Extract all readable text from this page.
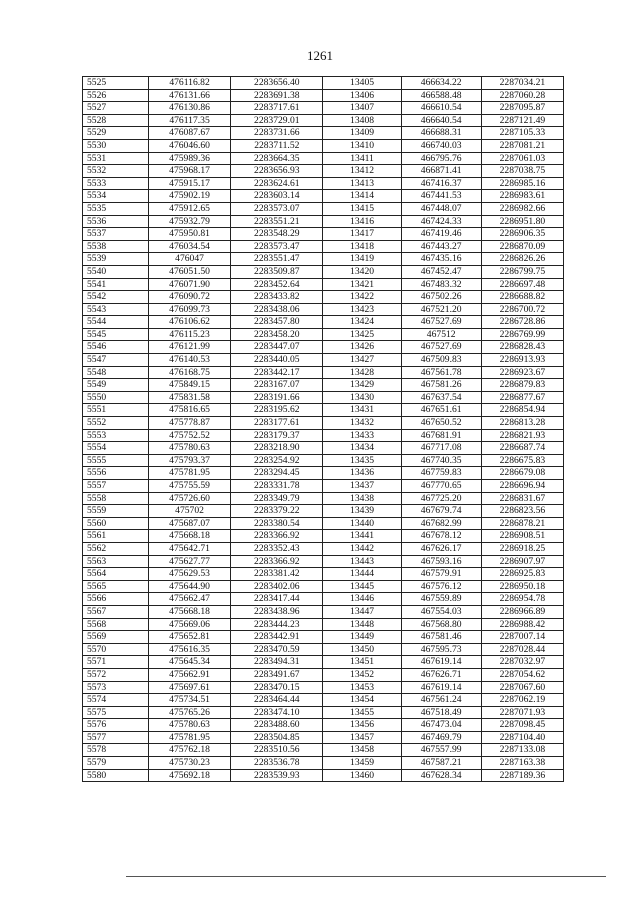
1261
5525	476116.82	2283656.40	13405	466634.22	2287034.21
5526	476131.66	2283691.38	13406	466588.48	2287060.28
5527	476130.86	2283717.61	13407	466610.54	2287095.87
5528	476117.35	2283729.01	13408	466640.54	2287121.49
5529	476087.67	2283731.66	13409	466688.31	2287105.33
5530	476046.60	2283711.52	13410	466740.03	2287081.21
5531	475989.36	2283664.35	13411	466795.76	2287061.03
5532	475968.17	2283656.93	13412	466871.41	2287038.75
5533	475915.17	2283624.61	13413	467416.37	2286985.16
5534	475902.19	2283603.14	13414	467441.53	2286983.61
5535	475912.65	2283573.07	13415	467448.07	2286982.66
5536	475932.79	2283551.21	13416	467424.33	2286951.80
5537	475950.81	2283548.29	13417	467419.46	2286906.35
5538	476034.54	2283573.47	13418	467443.27	2286870.09
5539	476047	2283551.47	13419	467435.16	2286826.26
5540	476051.50	2283509.87	13420	467452.47	2286799.75
5541	476071.90	2283452.64	13421	467483.32	2286697.48
5542	476090.72	2283433.82	13422	467502.26	2286688.82
5543	476099.73	2283438.06	13423	467521.20	2286700.72
5544	476106.62	2283457.80	13424	467527.69	2286728.86
5545	476115.23	2283458.20	13425	467512	2286769.99
5546	476121.99	2283447.07	13426	467527.69	2286828.43
5547	476140.53	2283440.05	13427	467509.83	2286913.93
5548	476168.75	2283442.17	13428	467561.78	2286923.67
5549	475849.15	2283167.07	13429	467581.26	2286879.83
5550	475831.58	2283191.66	13430	467637.54	2286877.67
5551	475816.65	2283195.62	13431	467651.61	2286854.94
5552	475778.87	2283177.61	13432	467650.52	2286813.28
5553	475752.52	2283179.37	13433	467681.91	2286821.93
5554	475780.63	2283218.90	13434	467717.08	2286687.74
5555	475793.37	2283254.92	13435	467740.35	2286675.83
5556	475781.95	2283294.45	13436	467759.83	2286679.08
5557	475755.59	2283331.78	13437	467770.65	2286696.94
5558	475726.60	2283349.79	13438	467725.20	2286831.67
5559	475702	2283379.22	13439	467679.74	2286823.56
5560	475687.07	2283380.54	13440	467682.99	2286878.21
5561	475668.18	2283366.92	13441	467678.12	2286908.51
5562	475642.71	2283352.43	13442	467626.17	2286918.25
5563	475627.77	2283366.92	13443	467593.16	2286907.97
5564	475629.53	2283381.42	13444	467579.91	2286925.83
5565	475644.90	2283402.06	13445	467576.12	2286950.18
5566	475662.47	2283417.44	13446	467559.89	2286954.78
5567	475668.18	2283438.96	13447	467554.03	2286966.89
5568	475669.06	2283444.23	13448	467568.80	2286988.42
5569	475652.81	2283442.91	13449	467581.46	2287007.14
5570	475616.35	2283470.59	13450	467595.73	2287028.44
5571	475645.34	2283494.31	13451	467619.14	2287032.97
5572	475662.91	2283491.67	13452	467626.71	2287054.62
5573	475697.61	2283470.15	13453	467619.14	2287067.60
5574	475734.51	2283464.44	13454	467561.24	2287062.19
5575	475765.26	2283474.10	13455	467518.49	2287071.93
5576	475780.63	2283488.60	13456	467473.04	2287098.45
5577	475781.95	2283504.85	13457	467469.79	2287104.40
5578	475762.18	2283510.56	13458	467557.99	2287133.08
5579	475730.23	2283536.78	13459	467587.21	2287163.38
5580	475692.18	2283539.93	13460	467628.34	2287189.36
